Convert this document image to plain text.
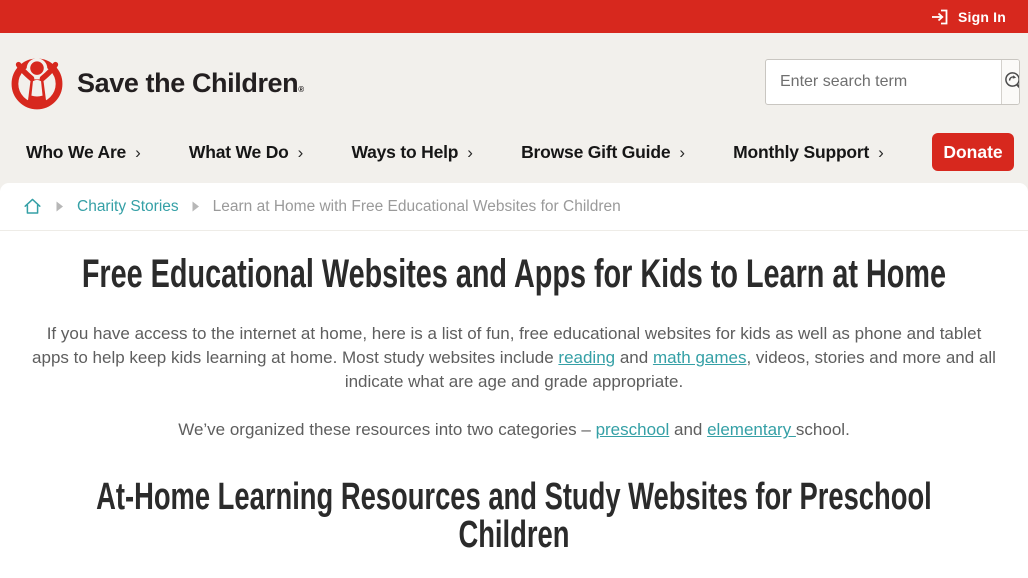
Sign In
Save the Children®
Enter search term
Who We Are ›	What We Do ›	Ways to Help ›	Browse Gift Guide ›	Monthly Support ›	Donate
Charity Stories Learn at Home with Free Educational Websites for Children
Free Educational Websites and Apps for Kids to Learn at Home

If you have access to the internet at home, here is a list of fun, free educational websites for kids as well as phone and tablet apps to help keep kids learning at home. Most study websites include reading and math games, videos, stories and more and all indicate what are age and grade appropriate.

We’ve organized these resources into two categories – preschool and elementary school.

At-Home Learning Resources and Study Websites for Preschool
Children
